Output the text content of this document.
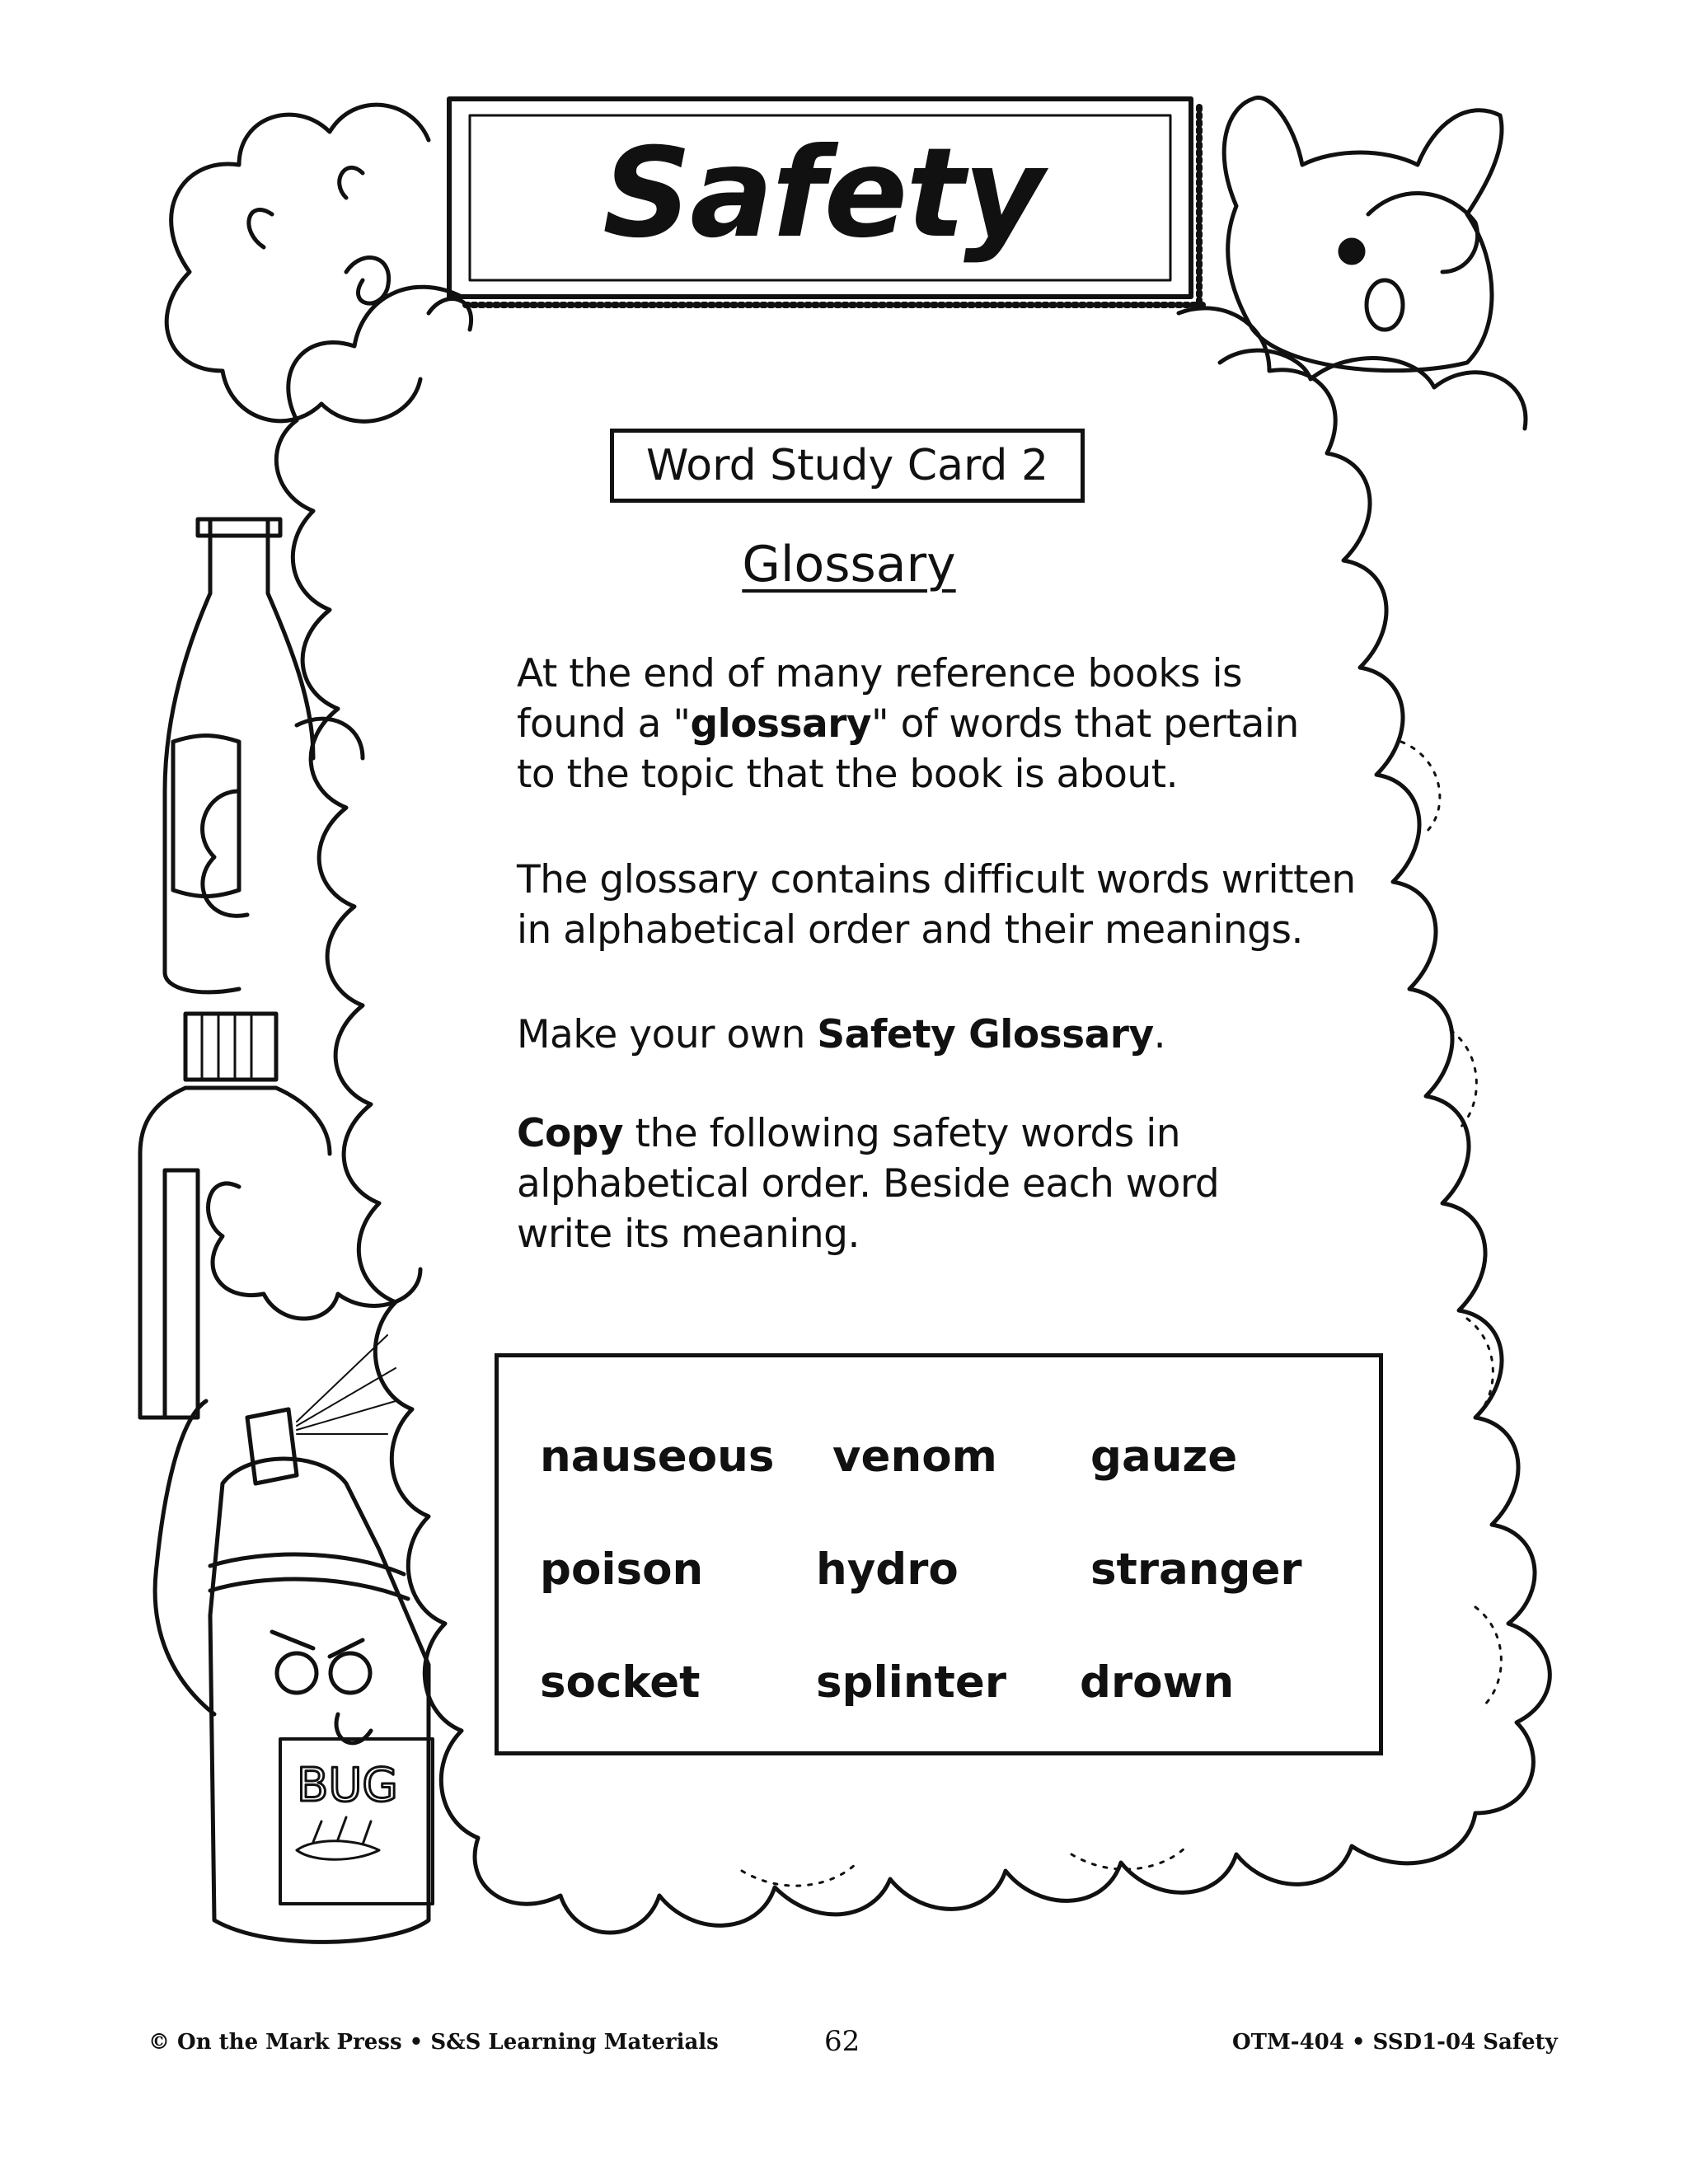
BUG
Safety
Word Study Card 2
Glossary
At the end of many reference books is
found a "glossary" of words that pertain
to the topic that the book is about.
The glossary contains difficult words written
in alphabetical order and their meanings.
Make your own Safety Glossary.
Copy the following safety words in
alphabetical order. Beside each word
write its meaning.
nauseous venom gauze
poison	hydro	stranger
socket	splinter drown
© On the Mark Press • S&S Learning Materials	62	OTM-404 • SSD1-04 Safety
